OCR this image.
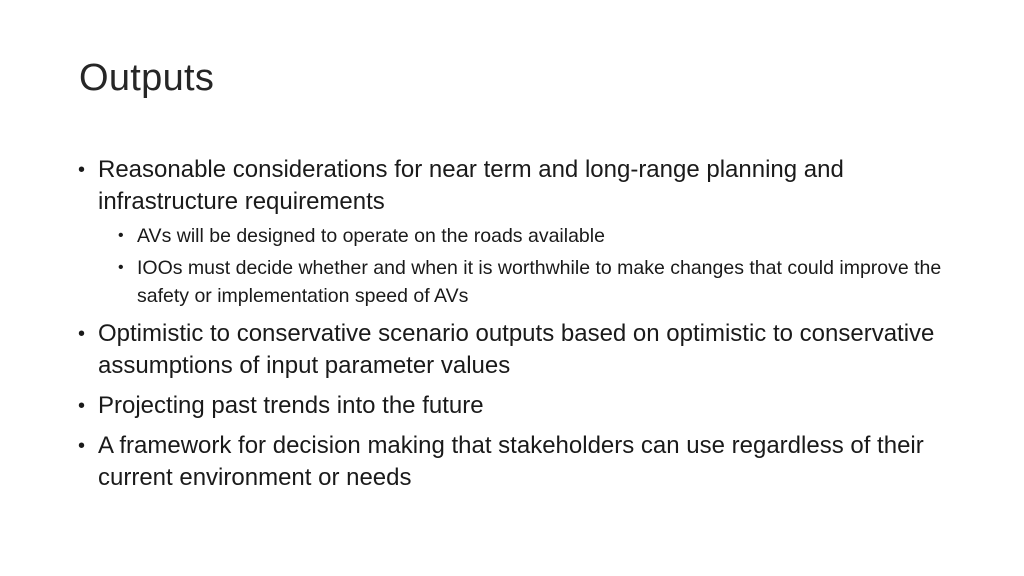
Outputs
• Reasonable considerations for near term and long-range planning and infrastructure requirements
• AVs will be designed to operate on the roads available
• IOOs must decide whether and when it is worthwhile to make changes that could improve the safety or implementation speed of AVs
• Optimistic to conservative scenario outputs based on optimistic to conservative assumptions of input parameter values
• Projecting past trends into the future
• A framework for decision making that stakeholders can use regardless of their current environment or needs
